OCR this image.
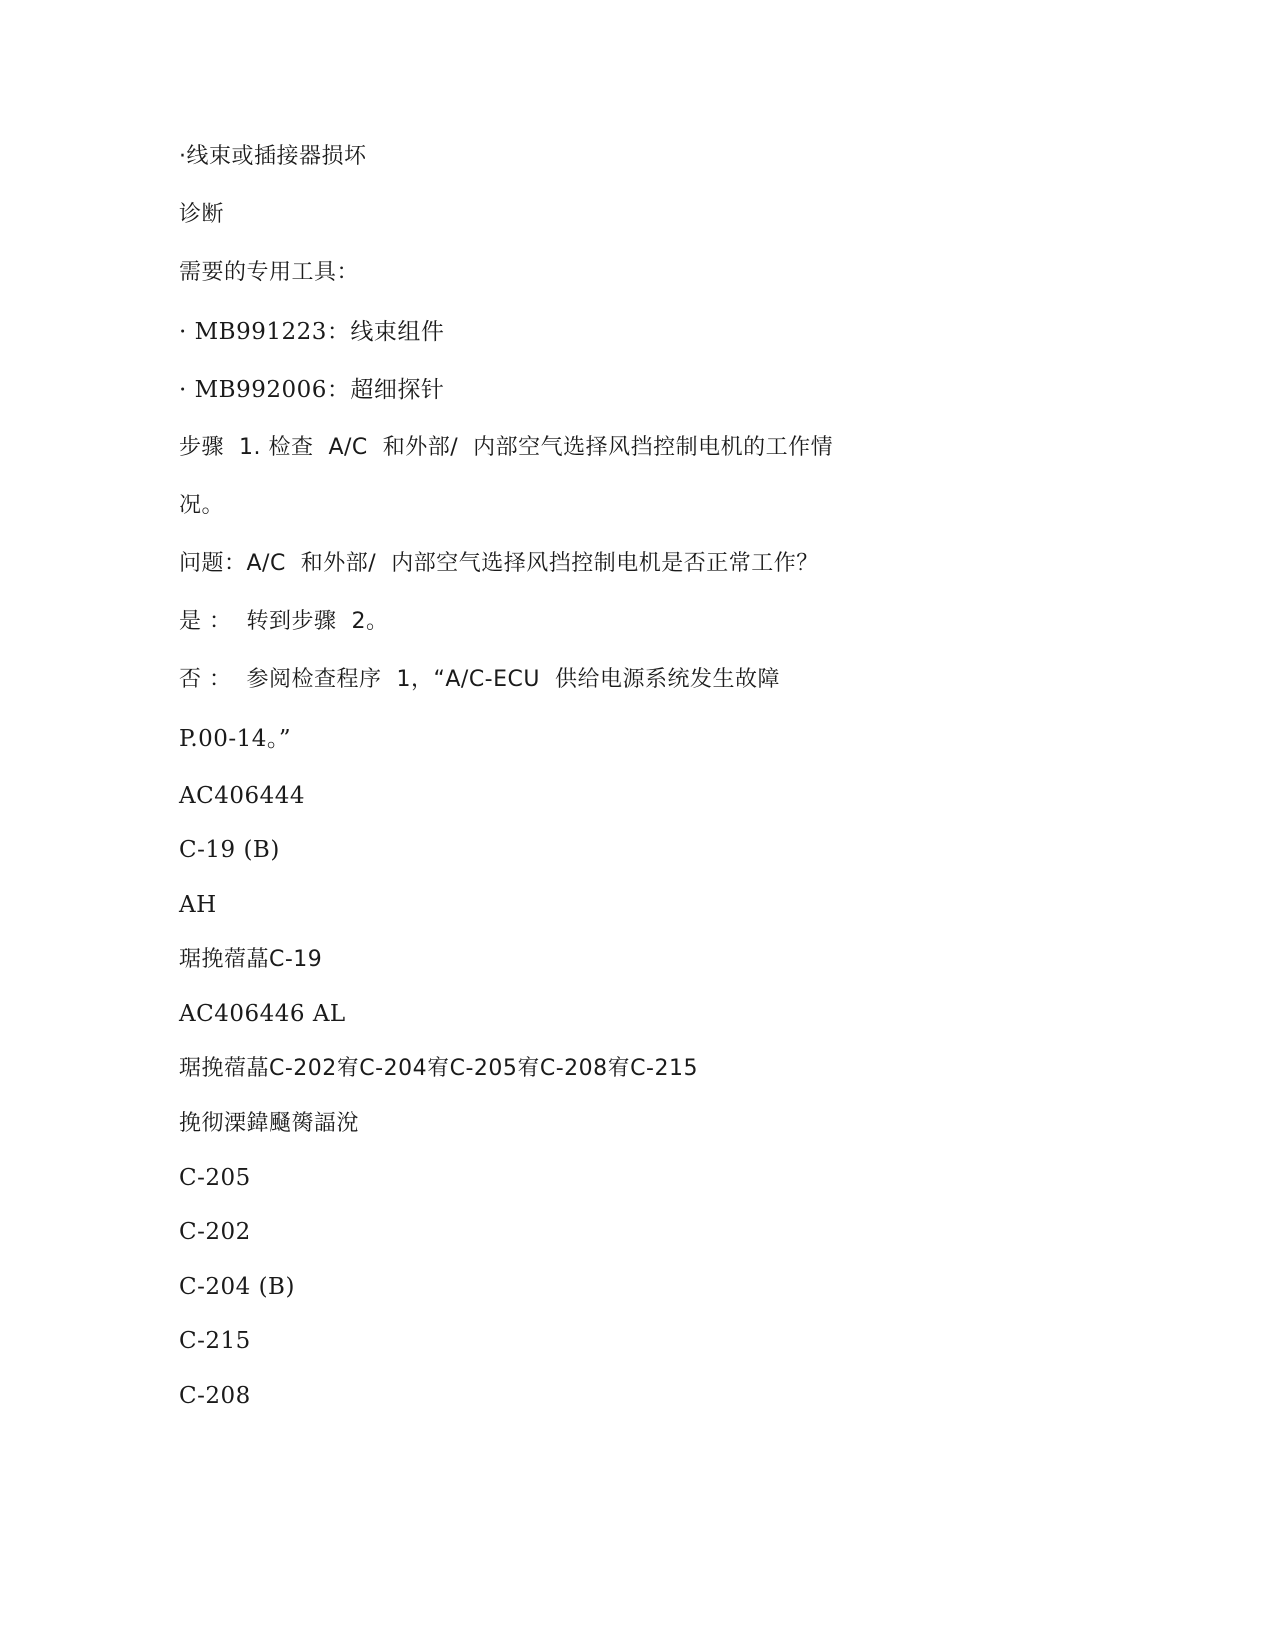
·线束或插接器损坏
诊断
需要的专用工具：
· MB991223：线束组件
· MB992006：超细探针
步骤  1. 检查  A/C  和外部/  内部空气选择风挡控制电机的工作情
况。
问题：A/C  和外部/  内部空气选择风挡控制电机是否正常工作？
是 ：  转到步骤  2。
否 ：  参阅检查程序  1，“A/C-ECU  供给电源系统发生故障
P.00-14。”
AC406444
C-19 (B)
AH
琚挽蓿蕌C-19
AC406446 AL
琚挽蓿蕌C-202宥C-204宥C-205宥C-208宥C-215
挽彻溧鍏颾膐諨涗
C-205
C-202
C-204 (B)
C-215
C-208
